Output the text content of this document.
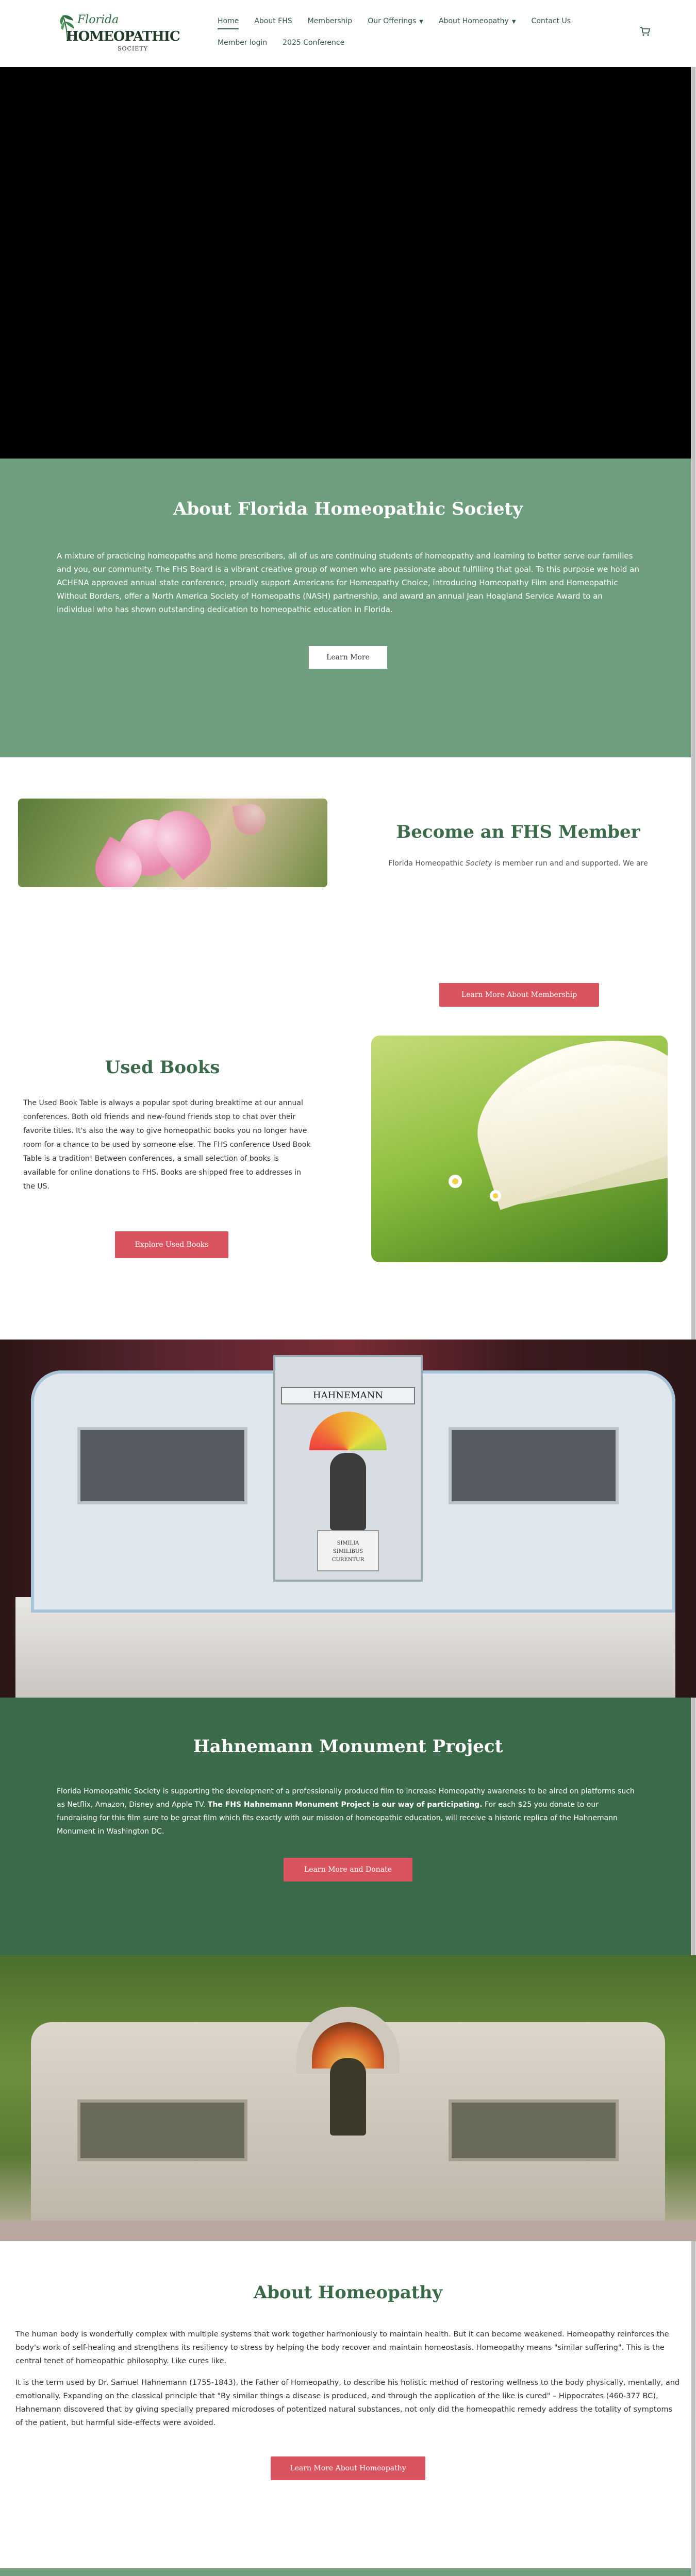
Florida
HOMEOPATHIC
SOCIETY
Home About FHS Membership Our Offerings ▼ About Homeopathy ▼ Contact Us
Member login 2025 Conference
About Florida Homeopathic Society

A mixture of practicing homeopaths and home prescribers, all of us are continuing students of homeopathy and learning to better serve our families and you, our community. The FHS Board is a vibrant creative group of women who are passionate about fulfilling that goal. To this purpose we hold an ACHENA approved annual state conference, proudly support Americans for Homeopathy Choice, introducing Homeopathy Film and Homeopathic Without Borders, offer a North America Society of Homeopaths (NASH) partnership, and award an annual Jean Hoagland Service Award to an individual who has shown outstanding dedication to homeopathic education in Florida.

Learn More
Become an FHS Member

Florida Homeopathic Society is member run and and supported. We are

Learn More About Membership
Used Books

The Used Book Table is always a popular spot during breaktime at our annual conferences. Both old friends and new-found friends stop to chat over their favorite titles. It's also the way to give homeopathic books you no longer have room for a chance to be used by someone else. The FHS conference Used Book Table is a tradition! Between conferences, a small selection of books is available for online donations to FHS. Books are shipped free to addresses in the US.

Explore Used Books
HAHNEMANN
SIMILIA
SIMILIBUS
CURENTUR
Hahnemann Monument Project

Florida Homeopathic Society is supporting the development of a professionally produced film to increase Homeopathy awareness to be aired on platforms such as Netflix, Amazon, Disney and Apple TV. The FHS Hahnemann Monument Project is our way of participating. For each $25 you donate to our fundraising for this film sure to be great film which fits exactly with our mission of homeopathic education, will receive a historic replica of the Hahnemann Monument in Washington DC.

Learn More and Donate
About Homeopathy

The human body is wonderfully complex with multiple systems that work together harmoniously to maintain health. But it can become weakened. Homeopathy reinforces the body's work of self-healing and strengthens its resiliency to stress by helping the body recover and maintain homeostasis. Homeopathy means "similar suffering". This is the central tenet of homeopathic philosophy. Like cures like.

It is the term used by Dr. Samuel Hahnemann (1755-1843), the Father of Homeopathy, to describe his holistic method of restoring wellness to the body physically, mentally, and emotionally. Expanding on the classical principle that "By similar things a disease is produced, and through the application of the like is cured" – Hippocrates (460-377 BC), Hahnemann discovered that by giving specially prepared microdoses of potentized natural substances, not only did the homeopathic remedy address the totality of symptoms of the patient, but harmful side-effects were avoided.

Learn More About Homeopathy
